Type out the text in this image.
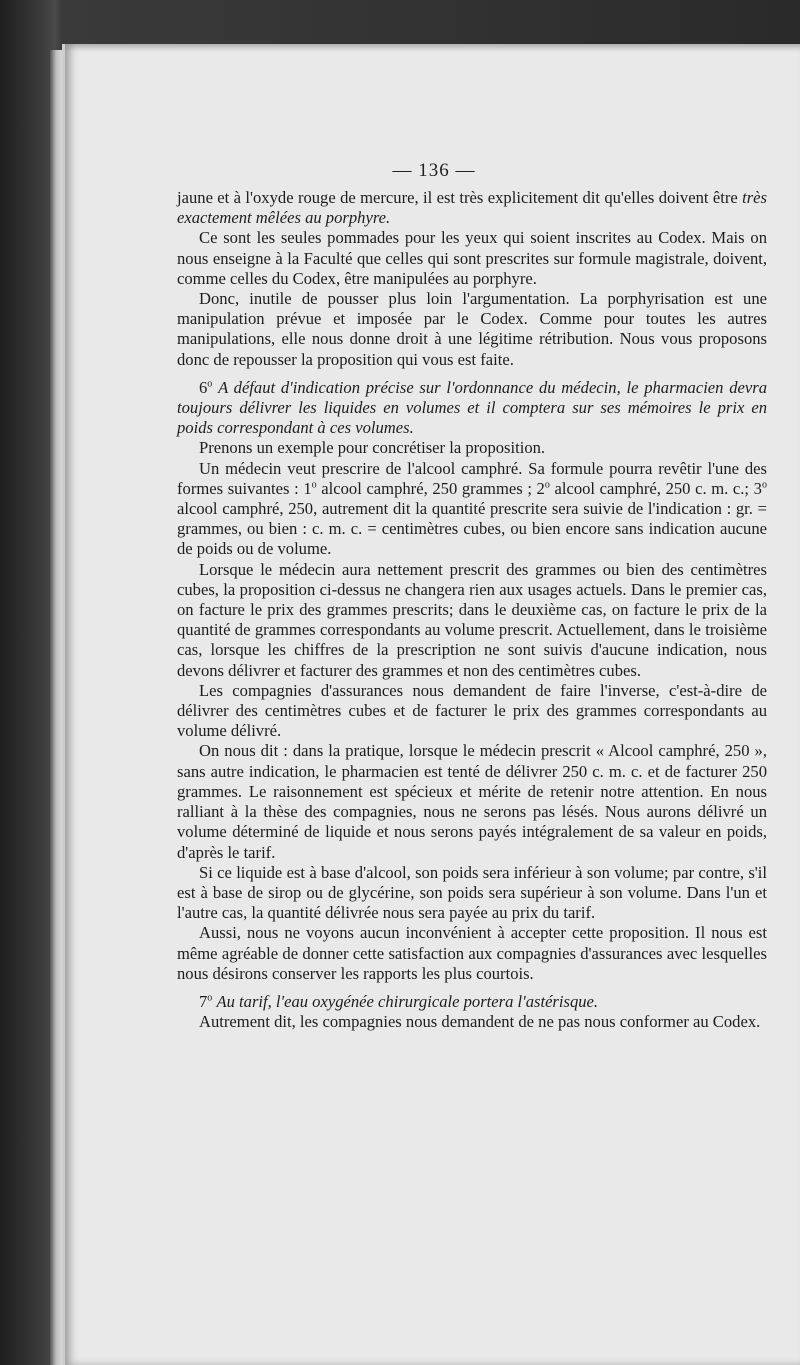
— 136 —

jaune et à l'oxyde rouge de mercure, il est très explicitement dit qu'elles doivent être très exactement mêlées au porphyre.

Ce sont les seules pommades pour les yeux qui soient inscrites au Codex. Mais on nous enseigne à la Faculté que celles qui sont prescrites sur formule magistrale, doivent, comme celles du Codex, être manipulées au porphyre.

Donc, inutile de pousser plus loin l'argumentation. La porphyrisation est une manipulation prévue et imposée par le Codex. Comme pour toutes les autres manipulations, elle nous donne droit à une légitime rétribution. Nous vous proposons donc de repousser la proposition qui vous est faite.

6$^o$ A défaut d'indication précise sur l'ordonnance du médecin, le pharmacien devra toujours délivrer les liquides en volumes et il comptera sur ses mémoires le prix en poids correspondant à ces volumes.

Prenons un exemple pour concrétiser la proposition.

Un médecin veut prescrire de l'alcool camphré. Sa formule pourra revêtir l'une des formes suivantes : 1$^o$ alcool camphré, 250 grammes ; 2$^o$ alcool camphré, 250 c. m. c.; 3$^o$ alcool camphré, 250, autrement dit la quantité prescrite sera suivie de l'indication : gr. = grammes, ou bien : c. m. c. = centimètres cubes, ou bien encore sans indication aucune de poids ou de volume.

Lorsque le médecin aura nettement prescrit des grammes ou bien des centimètres cubes, la proposition ci-dessus ne changera rien aux usages actuels. Dans le premier cas, on facture le prix des grammes prescrits; dans le deuxième cas, on facture le prix de la quantité de grammes correspondants au volume prescrit. Actuellement, dans le troisième cas, lorsque les chiffres de la prescription ne sont suivis d'aucune indication, nous devons délivrer et facturer des grammes et non des centimètres cubes.

Les compagnies d'assurances nous demandent de faire l'inverse, c'est-à-dire de délivrer des centimètres cubes et de facturer le prix des grammes correspondants au volume délivré.

On nous dit : dans la pratique, lorsque le médecin prescrit « Alcool camphré, 250 », sans autre indication, le pharmacien est tenté de délivrer 250 c. m. c. et de facturer 250 grammes. Le raisonnement est spécieux et mérite de retenir notre attention. En nous ralliant à la thèse des compagnies, nous ne serons pas lésés. Nous aurons délivré un volume déterminé de liquide et nous serons payés intégralement de sa valeur en poids, d'après le tarif.

Si ce liquide est à base d'alcool, son poids sera inférieur à son volume; par contre, s'il est à base de sirop ou de glycérine, son poids sera supérieur à son volume. Dans l'un et l'autre cas, la quantité délivrée nous sera payée au prix du tarif.

Aussi, nous ne voyons aucun inconvénient à accepter cette proposition. Il nous est même agréable de donner cette satisfaction aux compagnies d'assurances avec lesquelles nous désirons conserver les rapports les plus courtois.

7$^o$ Au tarif, l'eau oxygénée chirurgicale portera l'astérisque.

Autrement dit, les compagnies nous demandent de ne pas nous conformer au Codex.
